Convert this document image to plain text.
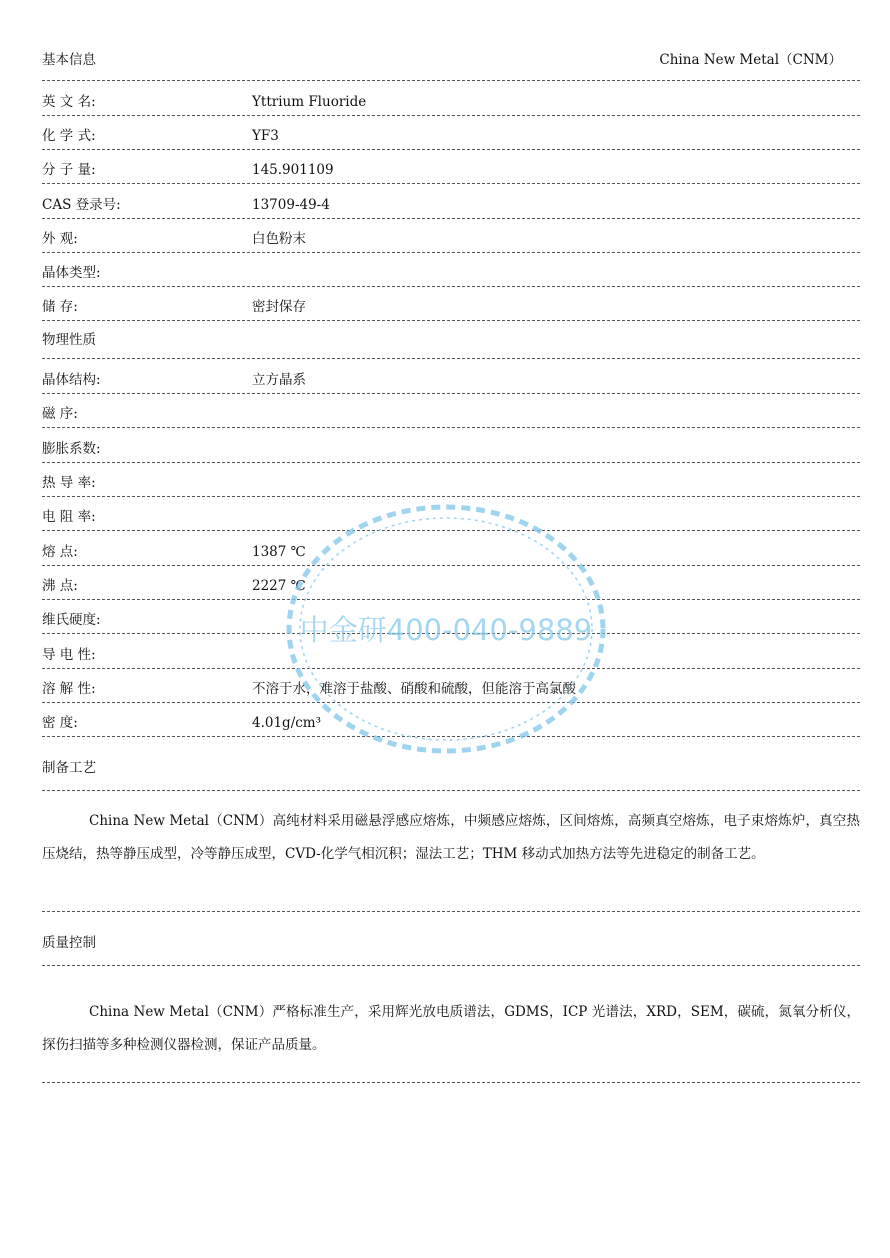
基本信息	China New Metal（CNM）
英 文 名:	Yttrium Fluoride
化 学 式:	YF3
分 子 量:	145.901109
CAS 登录号:	13709-49-4
外 观:	白色粉末
晶体类型:
储 存:	密封保存
物理性质
晶体结构:	立方晶系
磁 序:
膨胀系数:
热 导 率:
电 阻 率:
熔 点:	1387 ℃
沸 点:	2227 ℃
维氏硬度:
导 电 性:
溶 解 性:	不溶于水，难溶于盐酸、硝酸和硫酸，但能溶于高氯酸
密 度:	4.01g/cm³
制备工艺
China New Metal（CNM）高纯材料采用磁悬浮感应熔炼，中频感应熔炼，区间熔炼，高频真空熔炼，电子束熔炼炉，真空热压烧结，热等静压成型，冷等静压成型，CVD-化学气相沉积；湿法工艺；THM 移动式加热方法等先进稳定的制备工艺。
质量控制
China New Metal（CNM）严格标准生产，采用辉光放电质谱法，GDMS，ICP 光谱法，XRD，SEM，碳硫，氮氧分析仪，探伤扫描等多种检测仪器检测，保证产品质量。
中金研400-040-9889
